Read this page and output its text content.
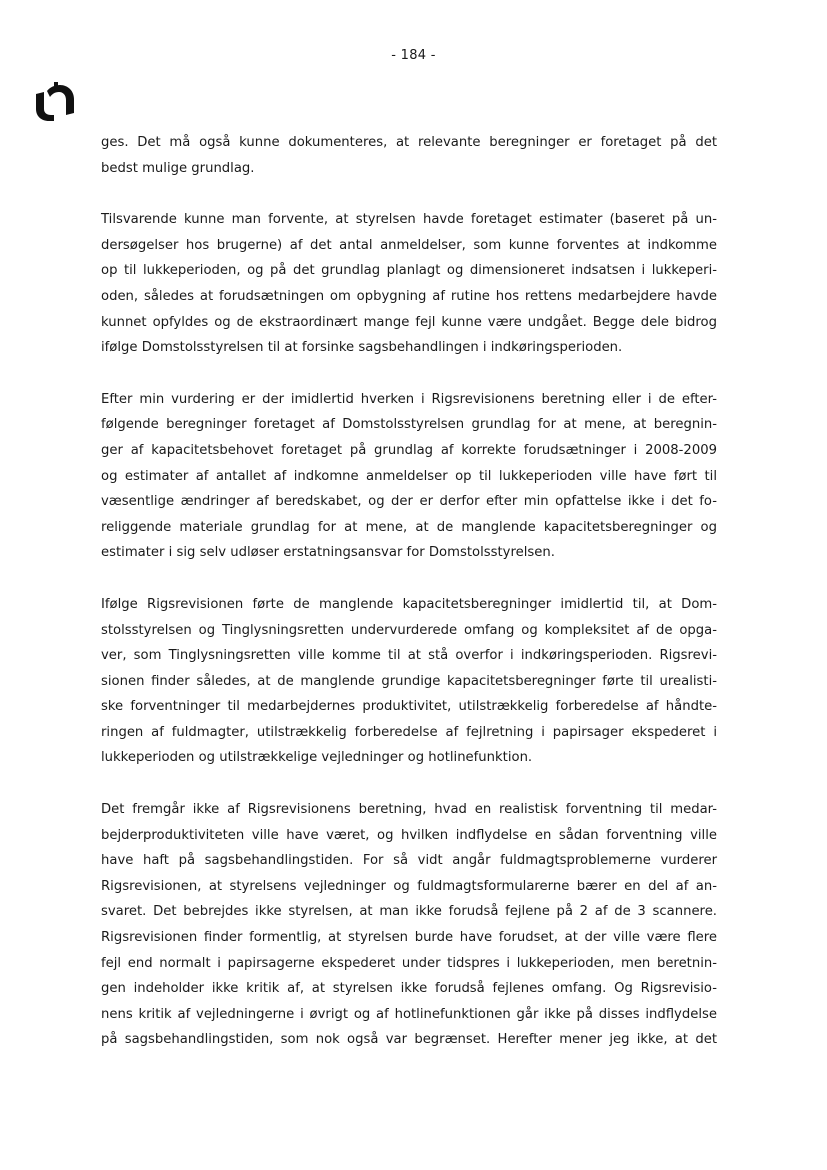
- 184 -

ges. Det må også kunne dokumenteres, at relevante beregninger er foretaget på det
bedst mulige grundlag.

Tilsvarende kunne man forvente, at styrelsen havde foretaget estimater (baseret på un-
dersøgelser hos brugerne) af det antal anmeldelser, som kunne forventes at indkomme
op til lukkeperioden, og på det grundlag planlagt og dimensioneret indsatsen i lukkeperi-
oden, således at forudsætningen om opbygning af rutine hos rettens medarbejdere havde
kunnet opfyldes og de ekstraordinært mange fejl kunne være undgået. Begge dele bidrog
ifølge Domstolsstyrelsen til at forsinke sagsbehandlingen i indkøringsperioden.

Efter min vurdering er der imidlertid hverken i Rigsrevisionens beretning eller i de efter-
følgende beregninger foretaget af Domstolsstyrelsen grundlag for at mene, at beregnin-
ger af kapacitetsbehovet foretaget på grundlag af korrekte forudsætninger i 2008-2009
og estimater af antallet af indkomne anmeldelser op til lukkeperioden ville have ført til
væsentlige ændringer af beredskabet, og der er derfor efter min opfattelse ikke i det fo-
religgende materiale grundlag for at mene, at de manglende kapacitetsberegninger og
estimater i sig selv udløser erstatningsansvar for Domstolsstyrelsen.

Ifølge Rigsrevisionen førte de manglende kapacitetsberegninger imidlertid til, at Dom-
stolsstyrelsen og Tinglysningsretten undervurderede omfang og kompleksitet af de opga-
ver, som Tinglysningsretten ville komme til at stå overfor i indkøringsperioden. Rigsrevi-
sionen finder således, at de manglende grundige kapacitetsberegninger førte til urealisti-
ske forventninger til medarbejdernes produktivitet, utilstrækkelig forberedelse af håndte-
ringen af fuldmagter, utilstrækkelig forberedelse af fejlretning i papirsager ekspederet i
lukkeperioden og utilstrækkelige vejledninger og hotlinefunktion.

Det fremgår ikke af Rigsrevisionens beretning, hvad en realistisk forventning til medar-
bejderproduktiviteten ville have været, og hvilken indflydelse en sådan forventning ville
have haft på sagsbehandlingstiden. For så vidt angår fuldmagtsproblemerne vurderer
Rigsrevisionen, at styrelsens vejledninger og fuldmagtsformularerne bærer en del af an-
svaret. Det bebrejdes ikke styrelsen, at man ikke forudså fejlene på 2 af de 3 scannere.
Rigsrevisionen finder formentlig, at styrelsen burde have forudset, at der ville være flere
fejl end normalt i papirsagerne ekspederet under tidspres i lukkeperioden, men beretnin-
gen indeholder ikke kritik af, at styrelsen ikke forudså fejlenes omfang. Og Rigsrevisio-
nens kritik af vejledningerne i øvrigt og af hotlinefunktionen går ikke på disses indflydelse
på sagsbehandlingstiden, som nok også var begrænset. Herefter mener jeg ikke, at det
